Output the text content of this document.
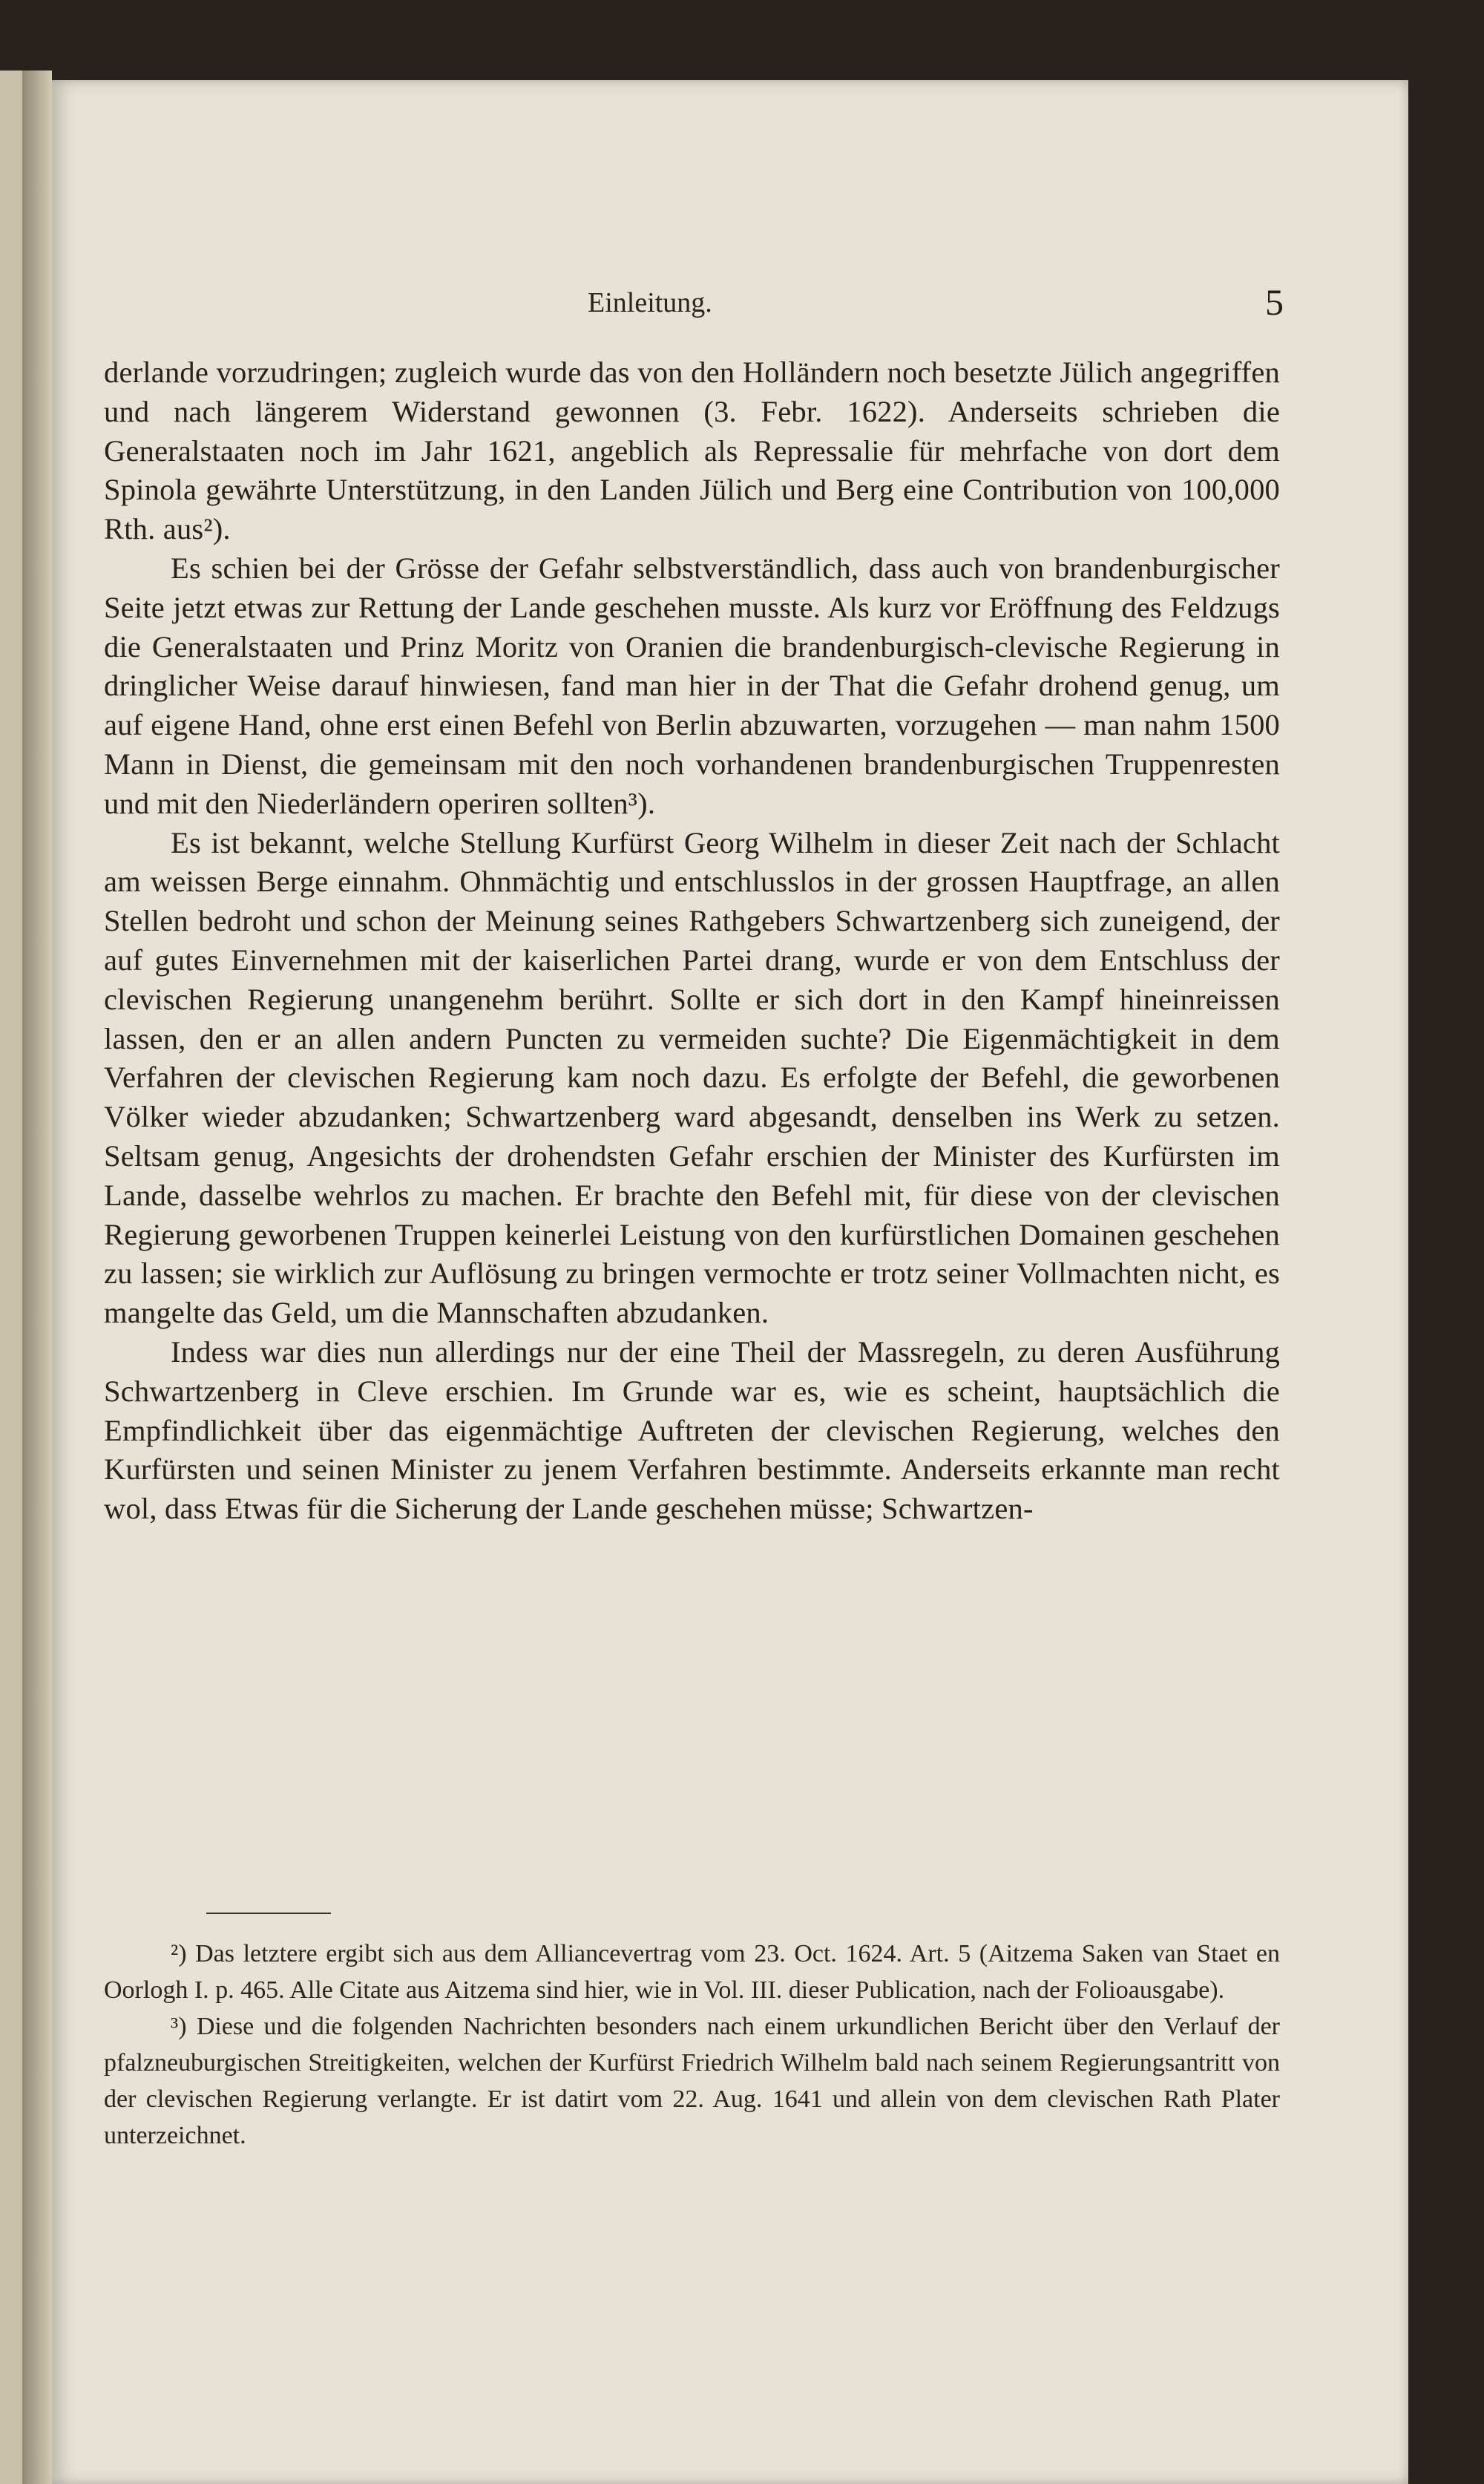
Einleitung.	5

derlande vorzudringen; zugleich wurde das von den Holländern noch besetzte Jülich angegriffen und nach längerem Widerstand gewonnen (3. Febr. 1622). Anderseits schrieben die Generalstaaten noch im Jahr 1621, angeblich als Repressalie für mehrfache von dort dem Spinola gewährte Unterstützung, in den Landen Jülich und Berg eine Contribution von 100,000 Rth. aus²).

Es schien bei der Grösse der Gefahr selbstverständlich, dass auch von brandenburgischer Seite jetzt etwas zur Rettung der Lande geschehen musste. Als kurz vor Eröffnung des Feldzugs die Generalstaaten und Prinz Moritz von Oranien die brandenburgisch-clevische Regierung in dringlicher Weise darauf hinwiesen, fand man hier in der That die Gefahr drohend genug, um auf eigene Hand, ohne erst einen Befehl von Berlin abzuwarten, vorzugehen — man nahm 1500 Mann in Dienst, die gemeinsam mit den noch vorhandenen brandenburgischen Truppenresten und mit den Niederländern operiren sollten³).

Es ist bekannt, welche Stellung Kurfürst Georg Wilhelm in dieser Zeit nach der Schlacht am weissen Berge einnahm. Ohnmächtig und entschlusslos in der grossen Hauptfrage, an allen Stellen bedroht und schon der Meinung seines Rathgebers Schwartzenberg sich zuneigend, der auf gutes Einvernehmen mit der kaiserlichen Partei drang, wurde er von dem Entschluss der clevischen Regierung unangenehm berührt. Sollte er sich dort in den Kampf hineinreissen lassen, den er an allen andern Puncten zu vermeiden suchte? Die Eigenmächtigkeit in dem Verfahren der clevischen Regierung kam noch dazu. Es erfolgte der Befehl, die geworbenen Völker wieder abzudanken; Schwartzenberg ward abgesandt, denselben ins Werk zu setzen. Seltsam genug, Angesichts der drohendsten Gefahr erschien der Minister des Kurfürsten im Lande, dasselbe wehrlos zu machen. Er brachte den Befehl mit, für diese von der clevischen Regierung geworbenen Truppen keinerlei Leistung von den kurfürstlichen Domainen geschehen zu lassen; sie wirklich zur Auflösung zu bringen vermochte er trotz seiner Vollmachten nicht, es mangelte das Geld, um die Mannschaften abzudanken.

Indess war dies nun allerdings nur der eine Theil der Massregeln, zu deren Ausführung Schwartzenberg in Cleve erschien. Im Grunde war es, wie es scheint, hauptsächlich die Empfindlichkeit über das eigenmächtige Auftreten der clevischen Regierung, welches den Kurfürsten und seinen Minister zu jenem Verfahren bestimmte. Anderseits erkannte man recht wol, dass Etwas für die Sicherung der Lande geschehen müsse; Schwartzen-

²) Das letztere ergibt sich aus dem Alliancevertrag vom 23. Oct. 1624. Art. 5 (Aitzema Saken van Staet en Oorlogh I. p. 465. Alle Citate aus Aitzema sind hier, wie in Vol. III. dieser Publication, nach der Folioausgabe).

³) Diese und die folgenden Nachrichten besonders nach einem urkundlichen Bericht über den Verlauf der pfalzneuburgischen Streitigkeiten, welchen der Kurfürst Friedrich Wilhelm bald nach seinem Regierungsantritt von der clevischen Regierung verlangte. Er ist datirt vom 22. Aug. 1641 und allein von dem clevischen Rath Plater unterzeichnet.
